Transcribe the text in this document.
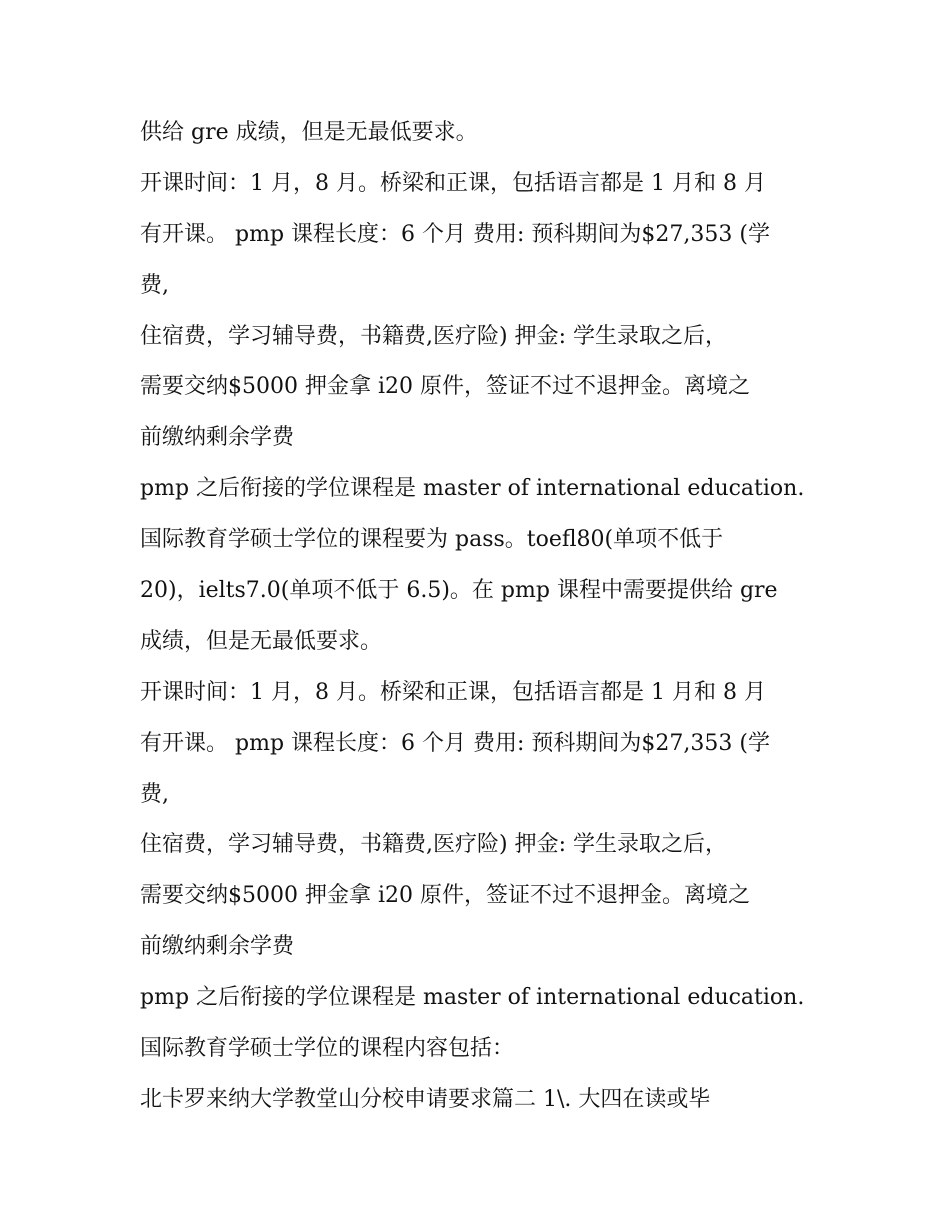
供给 gre 成绩，但是无最低要求。
开课时间：1 月，8 月。桥梁和正课，包括语言都是 1 月和 8 月
有开课。 pmp 课程长度：6 个月 费用: 预科期间为$27,353 (学
费,
住宿费，学习辅导费，书籍费,医疗险) 押金: 学生录取之后，
需要交纳$5000 押金拿 i20 原件，签证不过不退押金。离境之
前缴纳剩余学费
pmp 之后衔接的学位课程是 master of international education.
国际教育学硕士学位的课程要为 pass。toefl80(单项不低于
20)，ielts7.0(单项不低于 6.5)。在 pmp 课程中需要提供给 gre
成绩，但是无最低要求。
开课时间：1 月，8 月。桥梁和正课，包括语言都是 1 月和 8 月
有开课。 pmp 课程长度：6 个月 费用: 预科期间为$27,353 (学
费,
住宿费，学习辅导费，书籍费,医疗险) 押金: 学生录取之后，
需要交纳$5000 押金拿 i20 原件，签证不过不退押金。离境之
前缴纳剩余学费
pmp 之后衔接的学位课程是 master of international education.
国际教育学硕士学位的课程内容包括：
北卡罗来纳大学教堂山分校申请要求篇二 1\. 大四在读或毕
